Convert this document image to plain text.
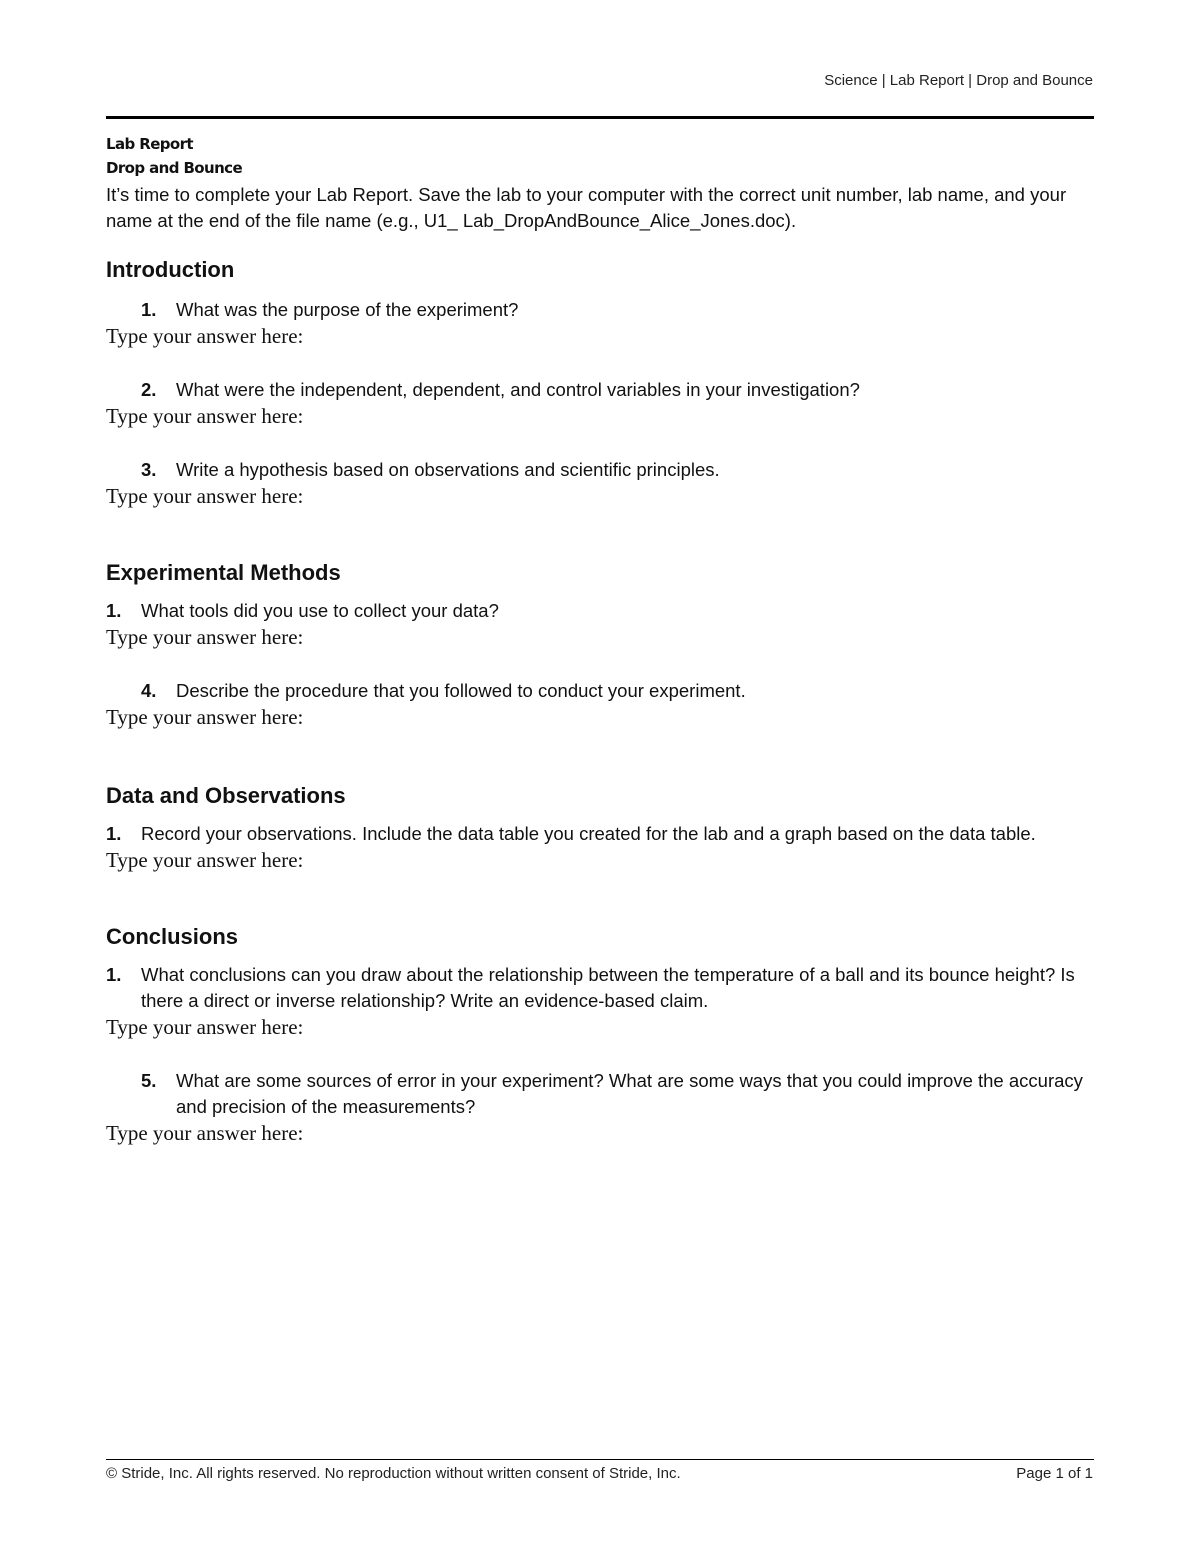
Science | Lab Report | Drop and Bounce
Lab Report
Drop and Bounce
It’s time to complete your Lab Report. Save the lab to your computer with the correct unit number, lab name, and your name at the end of the file name (e.g., U1_ Lab_DropAndBounce_Alice_Jones.doc).
Introduction
1. What was the purpose of the experiment?
Type your answer here:
2. What were the independent, dependent, and control variables in your investigation?
Type your answer here:
3. Write a hypothesis based on observations and scientific principles.
Type your answer here:
Experimental Methods
1. What tools did you use to collect your data?
Type your answer here:
4. Describe the procedure that you followed to conduct your experiment.
Type your answer here:
Data and Observations
1. Record your observations. Include the data table you created for the lab and a graph based on the data table.
Type your answer here:
Conclusions
1. What conclusions can you draw about the relationship between the temperature of a ball and its bounce height? Is there a direct or inverse relationship? Write an evidence-based claim.
Type your answer here:
5. What are some sources of error in your experiment? What are some ways that you could improve the accuracy and precision of the measurements?
Type your answer here:
© Stride, Inc. All rights reserved. No reproduction without written consent of Stride, Inc.	Page 1 of 1
